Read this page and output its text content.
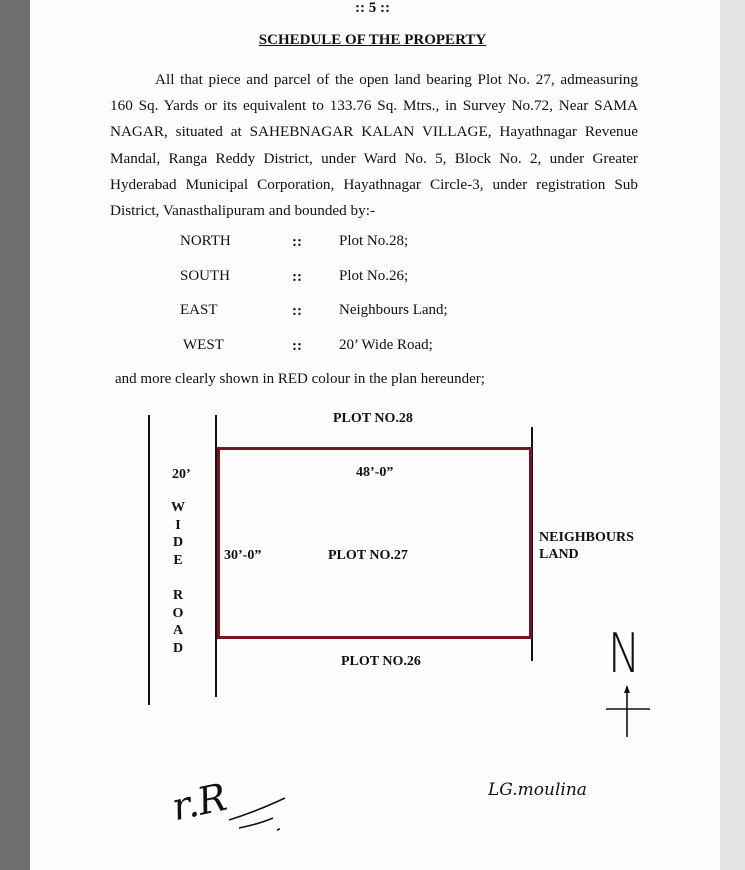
:: 5 ::
SCHEDULE OF THE PROPERTY
All that piece and parcel of the open land bearing Plot No. 27, admeasuring 160 Sq. Yards or its equivalent to 133.76 Sq. Mtrs., in Survey No.72, Near SAMA NAGAR, situated at SAHEBNAGAR KALAN VILLAGE, Hayathnagar Revenue Mandal, Ranga Reddy District, under Ward No. 5, Block No. 2, under Greater Hyderabad Municipal Corporation, Hayathnagar Circle-3, under registration Sub District, Vanasthalipuram and bounded by:-
NORTH	:: Plot No.28;
SOUTH	:: Plot No.26;
EAST	:: Neighbours Land;
WEST	:: 20’ Wide Road;
and more clearly shown in RED colour in the plan hereunder;
PLOT NO.28
PLOT NO.26
PLOT NO.27
NEIGHBOURS
LAND
48’-0”
30’-0”
20’
W
I
D
E
R
O
A
D	N
r.R	LG.moulina
